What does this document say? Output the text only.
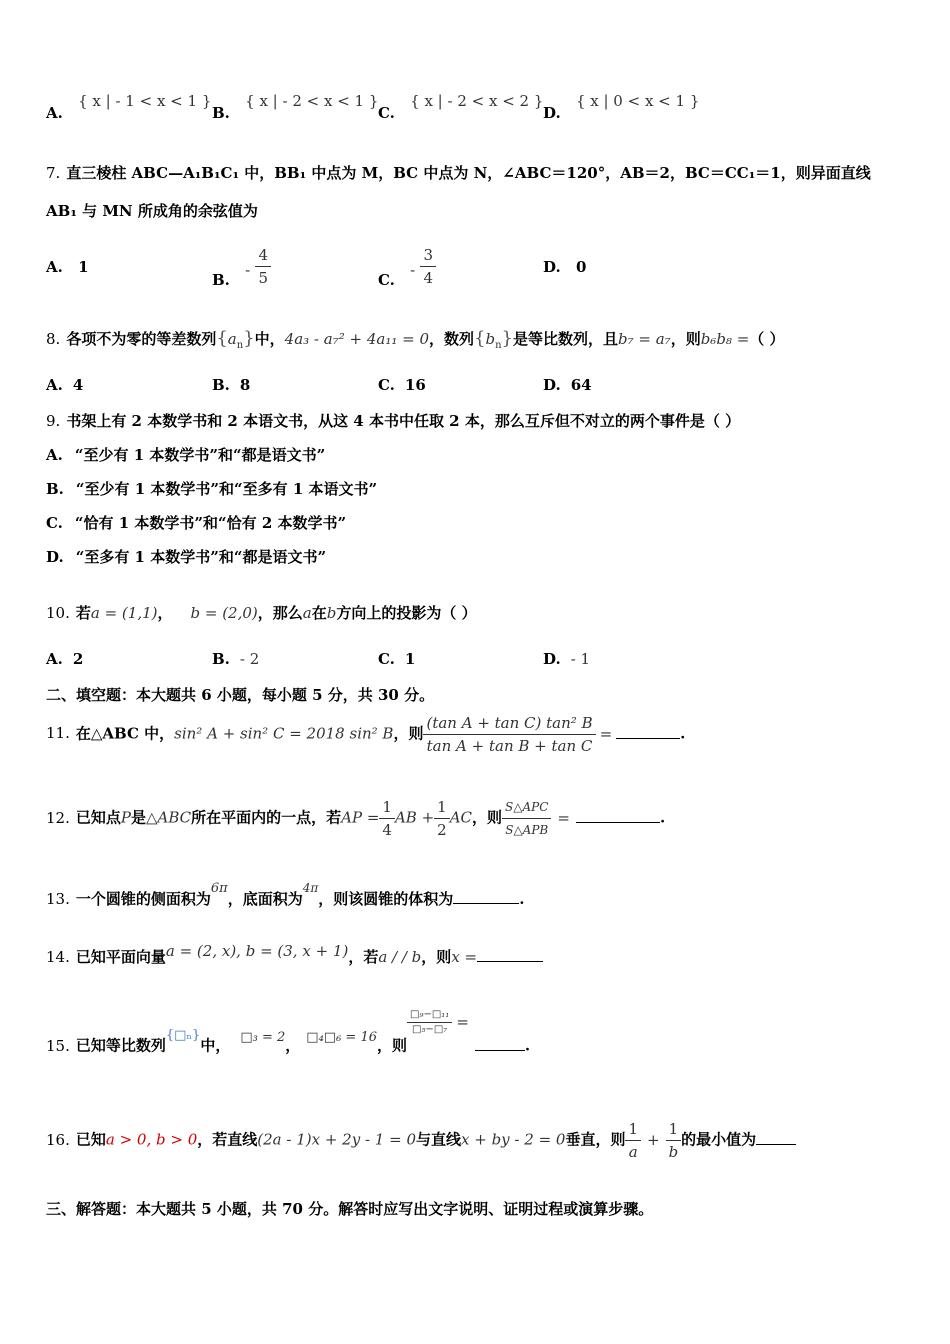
A. { x | - 1 < x < 1 }
B. { x | - 2 < x < 1 }
C. { x | - 2 < x < 2 }
D. { x | 0 < x < 1 }
7. 直三棱柱 ABC—A₁B₁C₁ 中，BB₁ 中点为 M，BC 中点为 N，∠ABC＝120°，AB＝2，BC＝CC₁＝1，则异面直线
AB₁ 与 MN 所成角的余弦值为
A. 1
B. - $\frac{4}{5}$	C. - $\frac{3}{4}$	D. 0
8. 各项不为零的等差数列$\{a_n\}$中，4a₃ - a₇² + 4a₁₁ = 0，数列$\{b_n\}$是等比数列，且b₇ = a₇，则b₆b₈ =（ ）
A. 4	B. 8	C. 16	D. 64
9. 书架上有 2 本数学书和 2 本语文书，从这 4 本书中任取 2 本，那么互斥但不对立的两个事件是（ ）
A. “至少有 1 本数学书”和“都是语文书”
B. “至少有 1 本数学书”和“至多有 1 本语文书”
C. “恰有 1 本数学书”和“恰有 2 本数学书”
D. “至多有 1 本数学书”和“都是语文书”
10. 若a = (1,1)， b = (2,0)，那么a在b方向上的投影为（ ）
A. 2	B. - 2	C. 1	D. - 1
二、填空题：本大题共 6 小题，每小题 5 分，共 30 分。
11. 在△ABC 中，sin² A + sin² C = 2018 sin² B，则 $\frac{\text{(tan A + tan C) tan² B}}{\text{tan A + tan B + tan C}}$ =	.
12. 已知点P是△ABC所在平面内的一点，若AP = $\frac{1}{4}$ AB + $\frac{1}{2}$ AC，则 $\frac{\text{S△APC}}{\text{S△APB}}$ =	.
13. 一个圆锥的侧面积为6π，底面积为$^{4\pi}$，则该圆锥的体积为	.
14. 已知平面向量a = (2, x), b = (3, x + 1)，若a / / b，则x =
15. 已知等比数列{□ₙ}中， □₃ = 2， □₄□₆ = 16，则
$\frac{\text{□₉−□₁₁}}{\text{□₅−□₇}}$ =.
16. 已知a > 0, b > 0，若直线(2a - 1)x + 2y - 1 = 0与直线x + by - 2 = 0垂直，则 $\frac{1}{a} + \frac{1}{b}$ 的最小值为
三、解答题：本大题共 5 小题，共 70 分。解答时应写出文字说明、证明过程或演算步骤。
